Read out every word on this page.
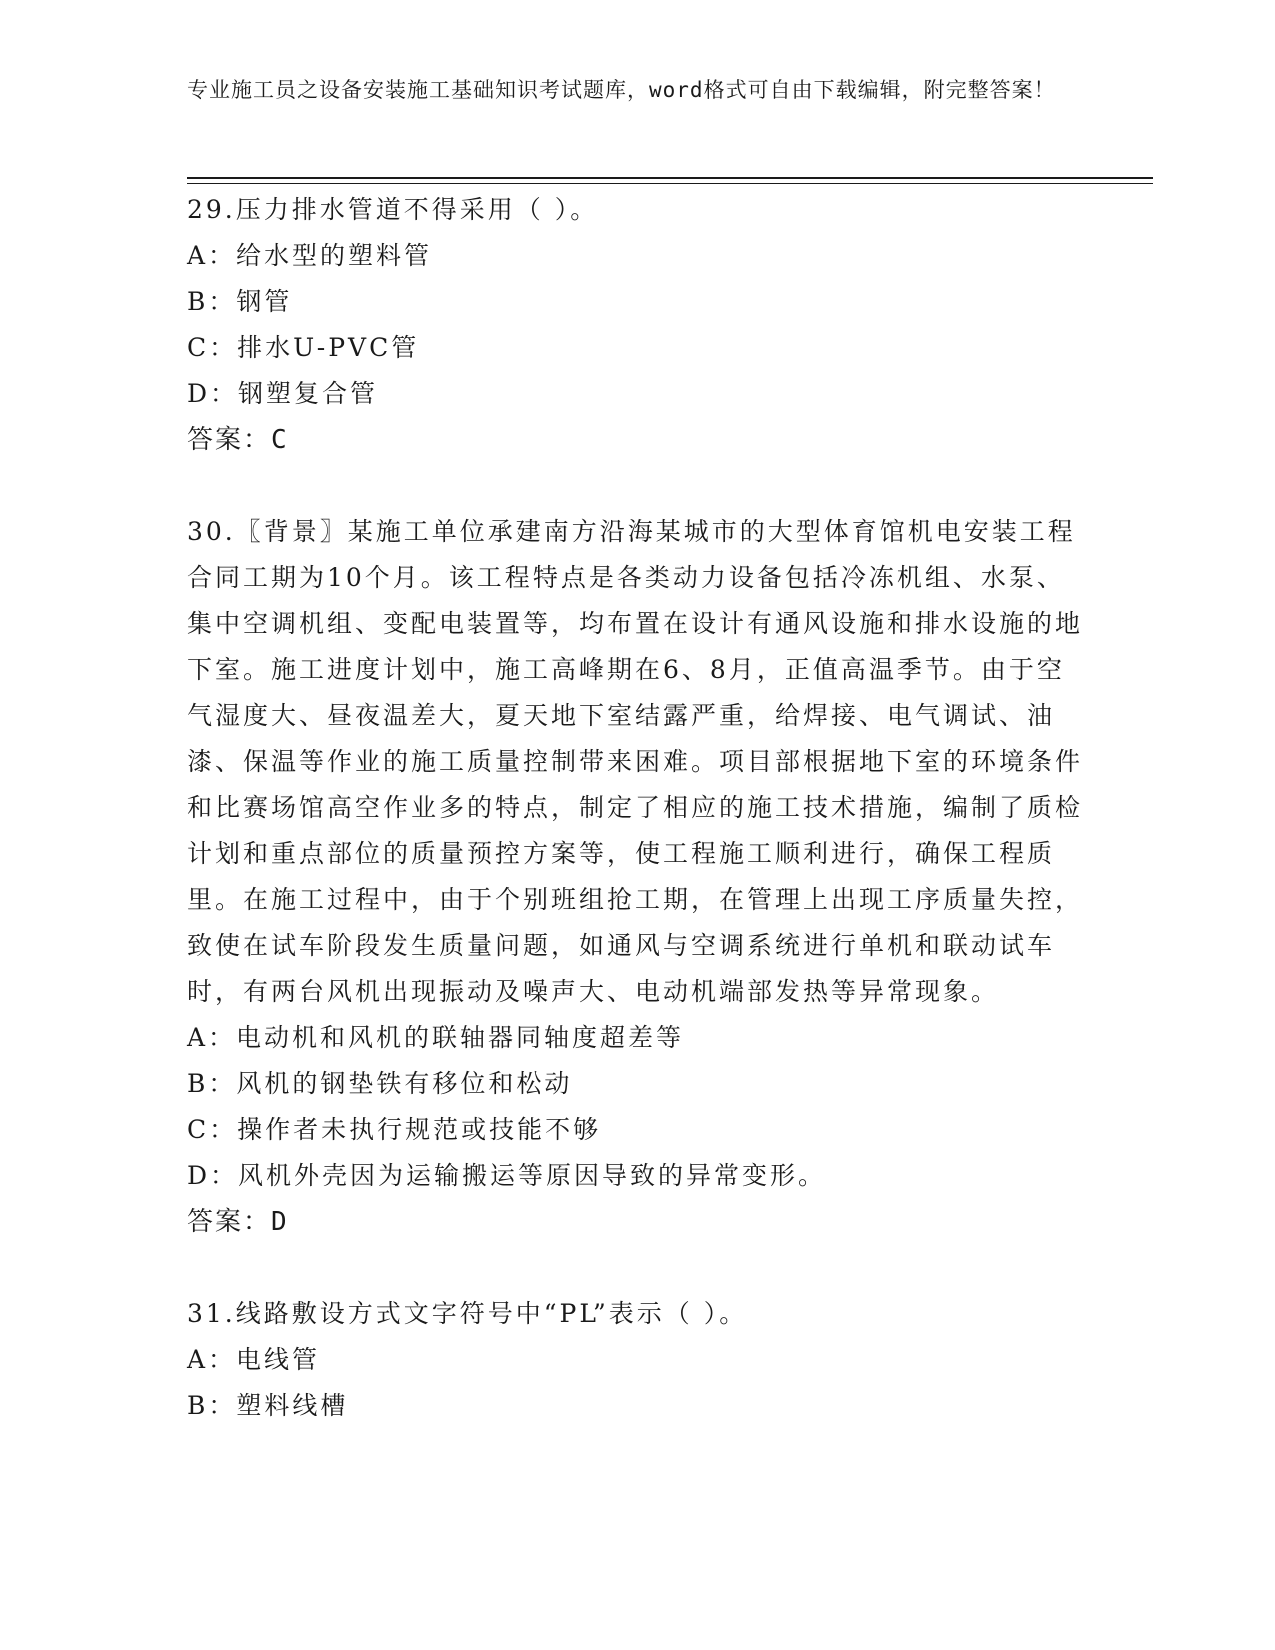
专业施工员之设备安装施工基础知识考试题库，word格式可自由下载编辑，附完整答案！

29.压力排水管道不得采用（ ）。

A：给水型的塑料管

B：钢管

C：排水U-PVC管

D：钢塑复合管

答案：C

30.〖背景〗某施工单位承建南方沿海某城市的大型体育馆机电安装工程合同工期为10个月。该工程特点是各类动力设备包括冷冻机组、水泵、集中空调机组、变配电装置等，均布置在设计有通风设施和排水设施的地下室。施工进度计划中，施工高峰期在6、8月，正值高温季节。由于空气湿度大、昼夜温差大，夏天地下室结露严重，给焊接、电气调试、油漆、保温等作业的施工质量控制带来困难。项目部根据地下室的环境条件和比赛场馆高空作业多的特点，制定了相应的施工技术措施，编制了质检计划和重点部位的质量预控方案等，使工程施工顺利进行，确保工程质里。在施工过程中，由于个别班组抢工期，在管理上出现工序质量失控，致使在试车阶段发生质量问题，如通风与空调系统进行单机和联动试车时，有两台风机出现振动及噪声大、电动机端部发热等异常现象。

A：电动机和风机的联轴器同轴度超差等

B：风机的钢垫铁有移位和松动

C：操作者未执行规范或技能不够

D：风机外壳因为运输搬运等原因导致的异常变形。

答案：D

31.线路敷设方式文字符号中“PL”表示（ ）。

A：电线管

B：塑料线槽
